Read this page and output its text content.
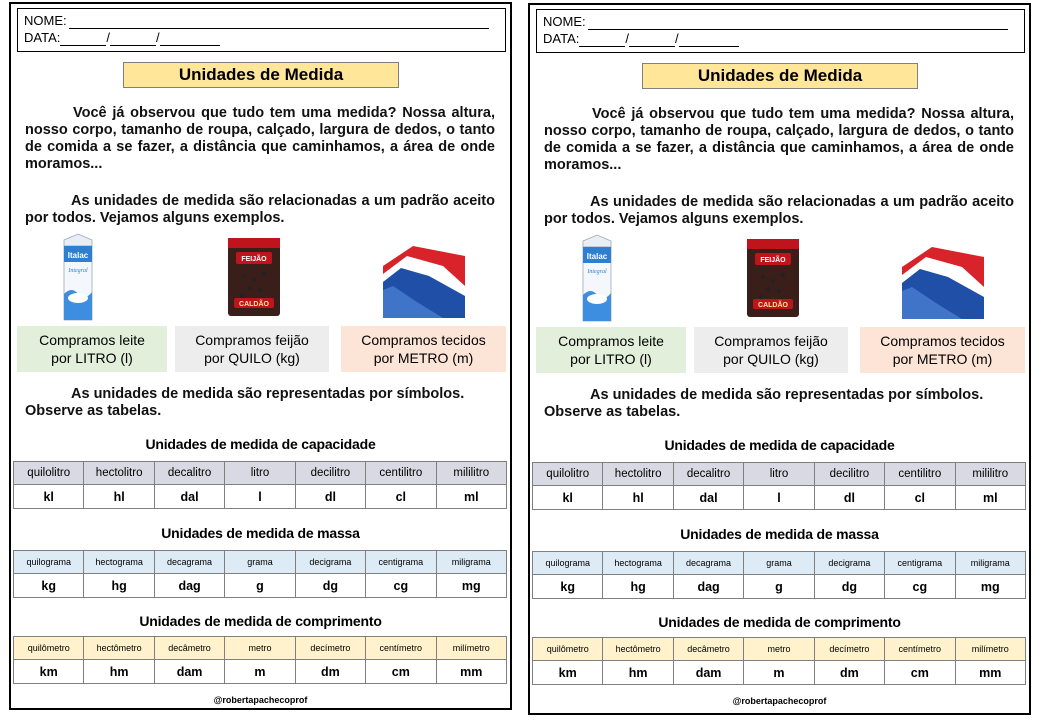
NOME:
DATA:	/	/
Unidades de Medida

Você já observou que tudo tem uma medida? Nossa altura, nosso corpo, tamanho de roupa, calçado, largura de dedos, o tanto de comida a se fazer, a distância que caminhamos, a área de onde moramos...

As unidades de medida são relacionadas a um padrão aceito por todos. Vejamos alguns exemplos.

Italac
Integral
FEIJÃO
CALDÃO
Compramos leite
por LITRO (l)
Compramos feijão
por QUILO (kg)
Compramos tecidos
por METRO (m)

As unidades de medida são representadas por símbolos. Observe as tabelas.

Unidades de medida de capacidade
quilolitro	hectolitro	decalitro	litro	decilitro	centilitro	mililitro
kl	hl	dal	l	dl	cl	ml
Unidades de medida de massa
quilograma	hectograma	decagrama	grama	decigrama	centigrama	miligrama
kg	hg	dag	g	dg	cg	mg
Unidades de medida de comprimento
quilômetro	hectômetro	decâmetro	metro	decímetro	centímetro	milímetro
km	hm	dam	m	dm	cm	mm
@robertapachecoprof
NOME:
DATA:	/	/
Unidades de Medida

Você já observou que tudo tem uma medida? Nossa altura, nosso corpo, tamanho de roupa, calçado, largura de dedos, o tanto de comida a se fazer, a distância que caminhamos, a área de onde moramos...

As unidades de medida são relacionadas a um padrão aceito por todos. Vejamos alguns exemplos.

Italac
Integral
FEIJÃO
CALDÃO
Compramos leite
por LITRO (l)
Compramos feijão
por QUILO (kg)
Compramos tecidos
por METRO (m)

As unidades de medida são representadas por símbolos. Observe as tabelas.

Unidades de medida de capacidade
quilolitro	hectolitro	decalitro	litro	decilitro	centilitro	mililitro
kl	hl	dal	l	dl	cl	ml
Unidades de medida de massa
quilograma	hectograma	decagrama	grama	decigrama	centigrama	miligrama
kg	hg	dag	g	dg	cg	mg
Unidades de medida de comprimento
quilômetro	hectômetro	decâmetro	metro	decímetro	centímetro	milímetro
km	hm	dam	m	dm	cm	mm
@robertapachecoprof
